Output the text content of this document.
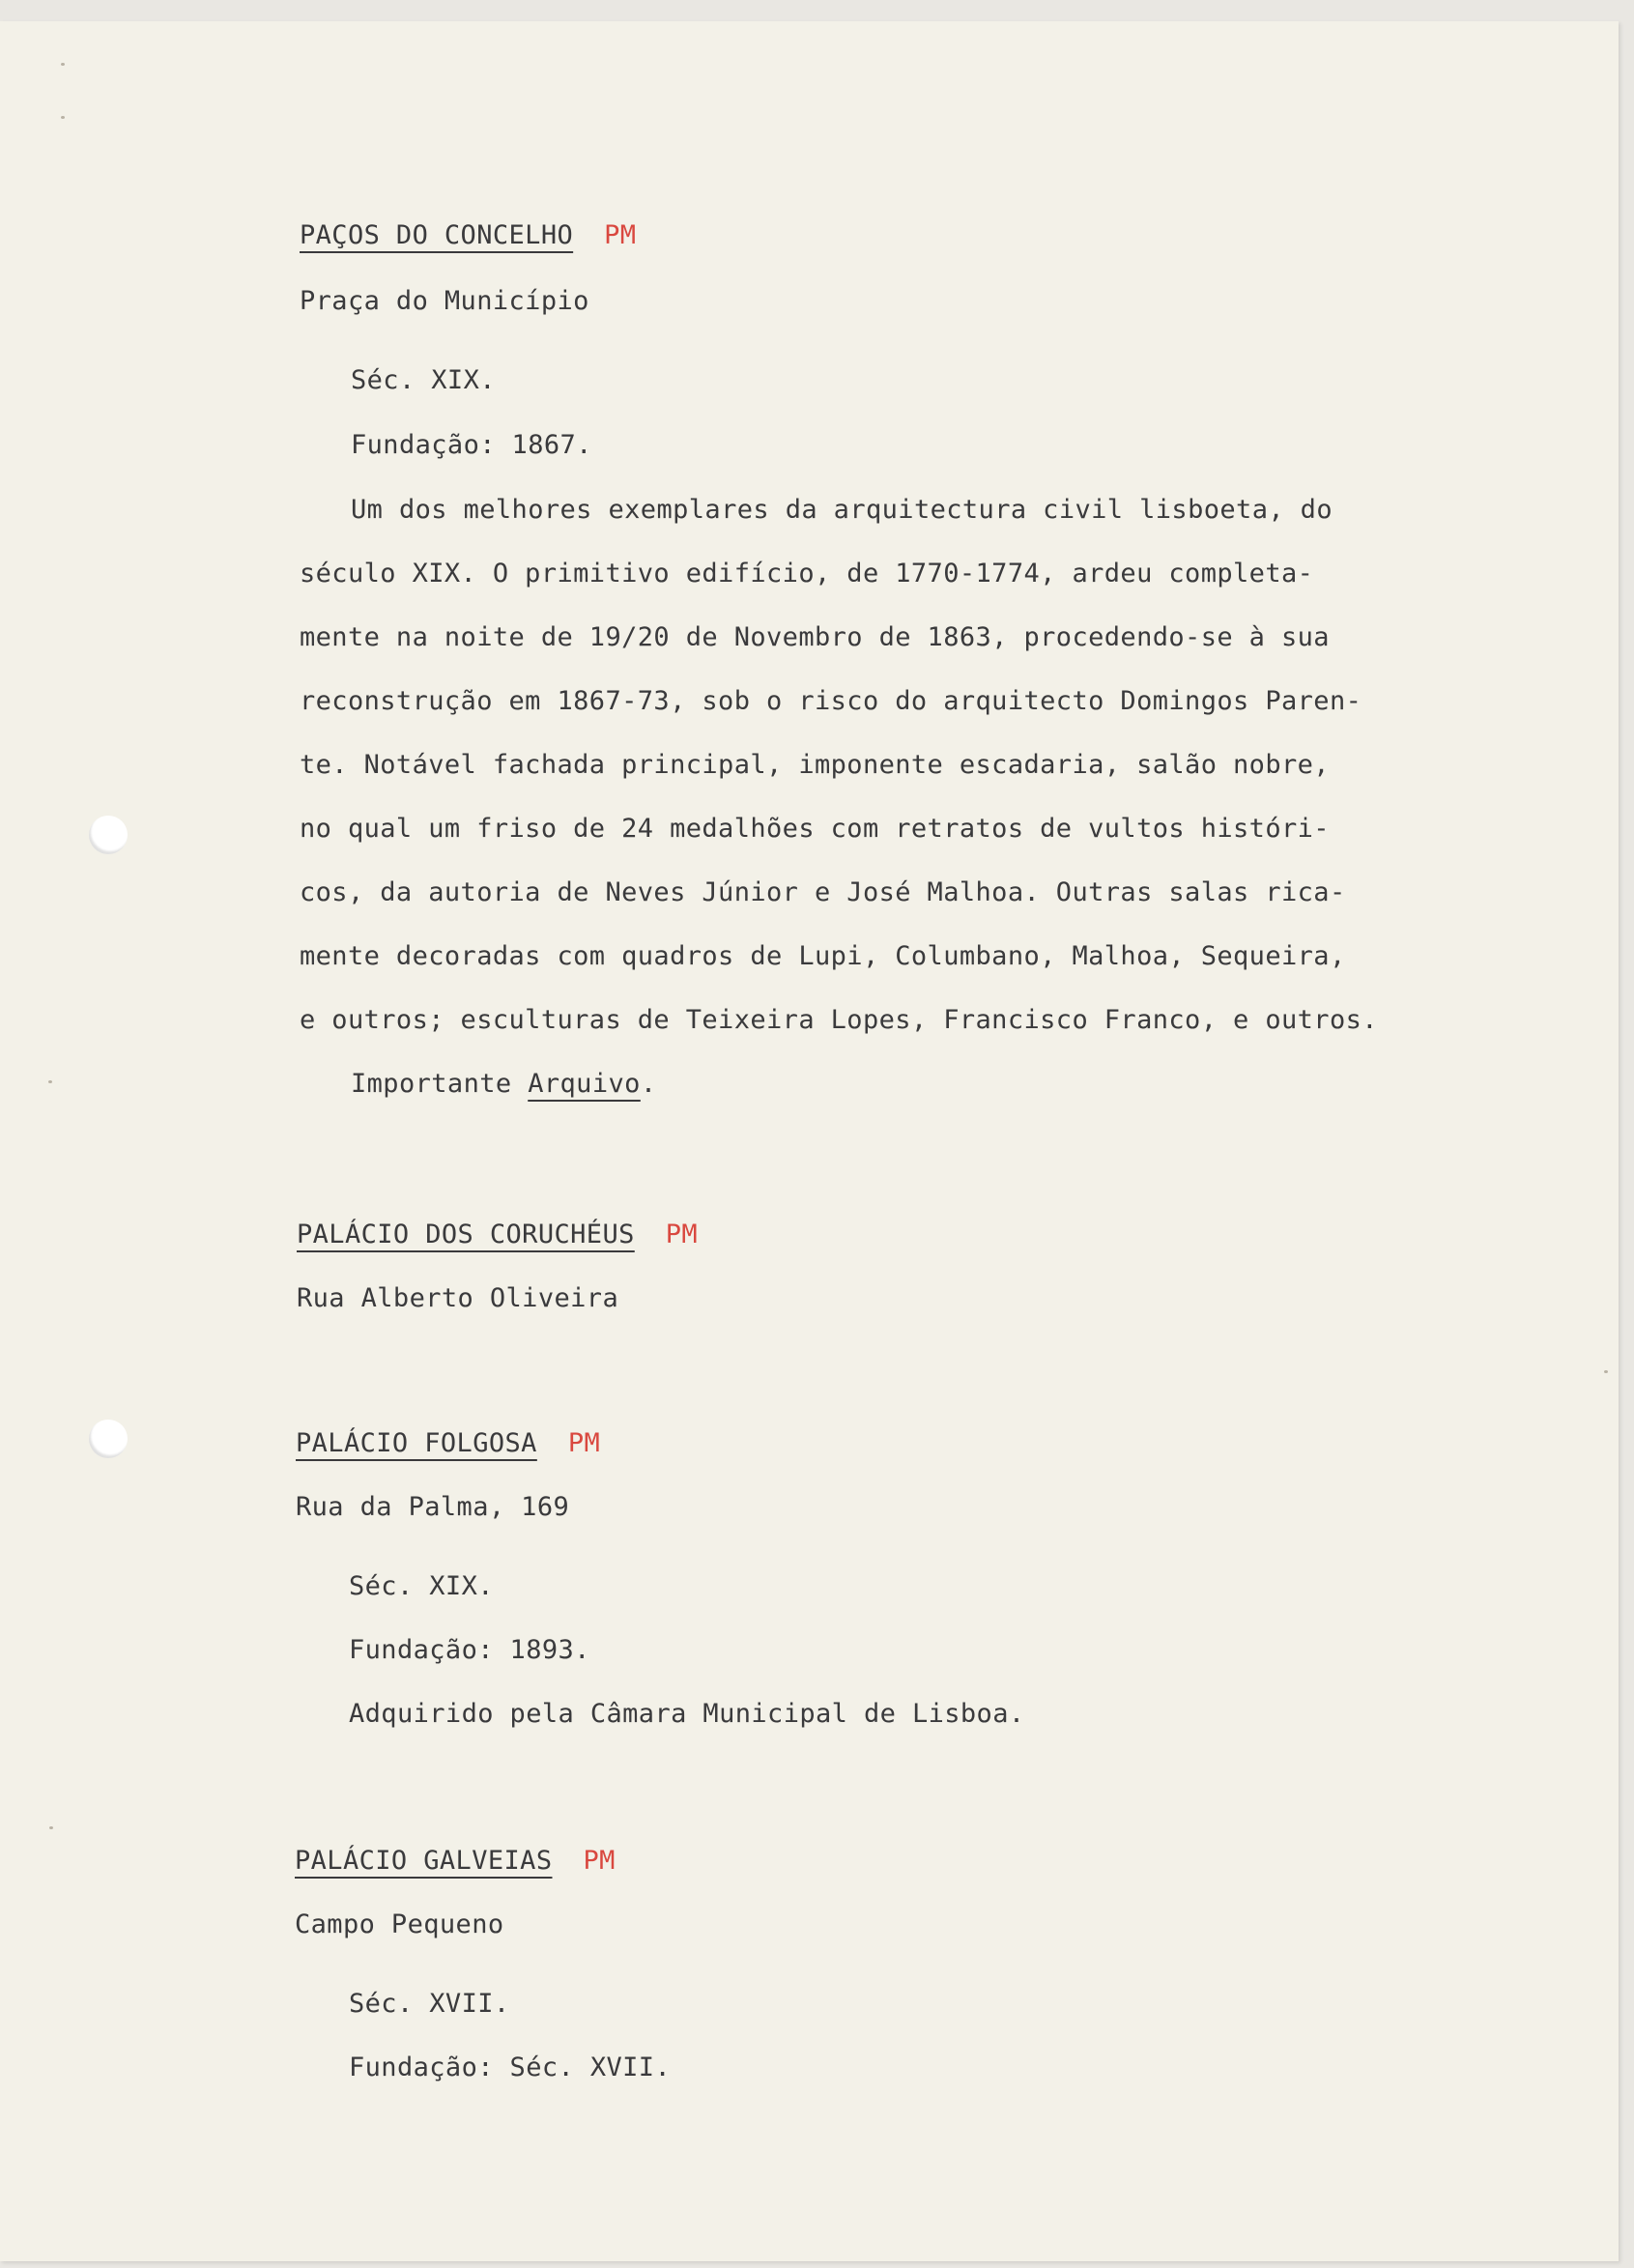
PAÇOS DO CONCELHO PM
Praça do Município
Séc. XIX.
Fundação: 1867.
Um dos melhores exemplares da arquitectura civil lisboeta, do
século XIX. O primitivo edifício, de 1770-1774, ardeu completa-
mente na noite de 19/20 de Novembro de 1863, procedendo-se à sua
reconstrução em 1867-73, sob o risco do arquitecto Domingos Paren-
te. Notável fachada principal, imponente escadaria, salão nobre,
no qual um friso de 24 medalhões com retratos de vultos históri-
cos, da autoria de Neves Júnior e José Malhoa. Outras salas rica-
mente decoradas com quadros de Lupi, Columbano, Malhoa, Sequeira,
e outros; esculturas de Teixeira Lopes, Francisco Franco, e outros.
Importante Arquivo.
PALÁCIO DOS CORUCHÉUS PM
Rua Alberto Oliveira
PALÁCIO FOLGOSA PM
Rua da Palma, 169
Séc. XIX.
Fundação: 1893.
Adquirido pela Câmara Municipal de Lisboa.
PALÁCIO GALVEIAS PM
Campo Pequeno
Séc. XVII.
Fundação: Séc. XVII.
